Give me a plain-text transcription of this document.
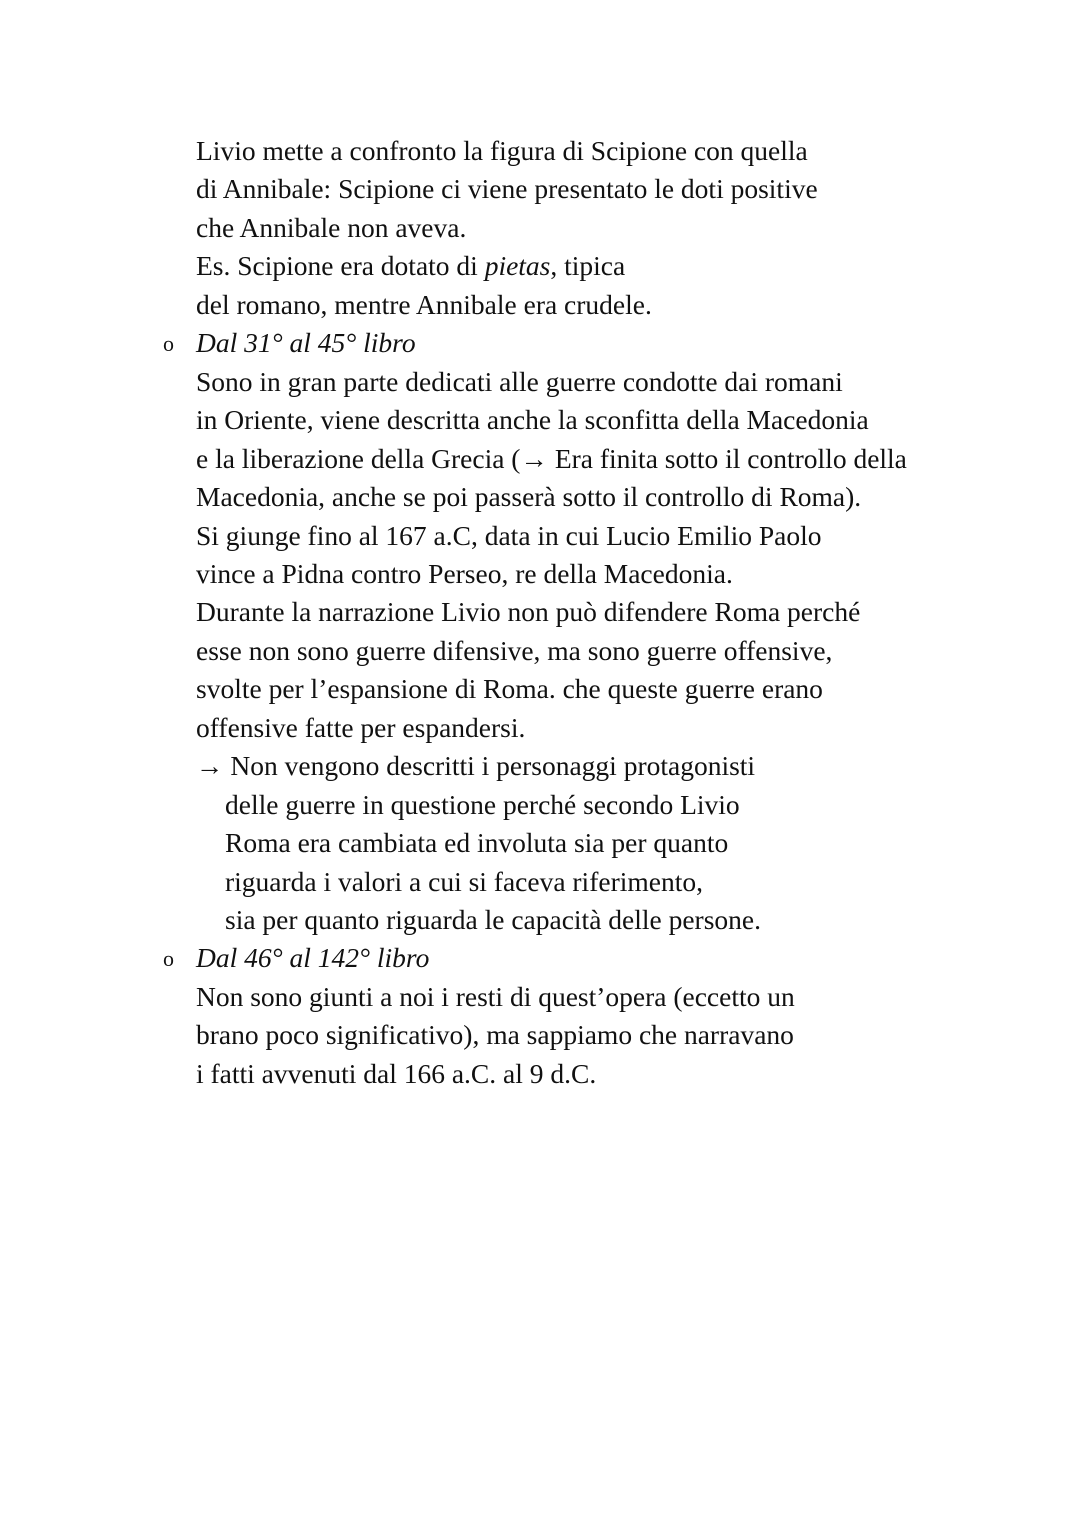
Livio mette a confronto la figura di Scipione con quella
di Annibale: Scipione ci viene presentato le doti positive
che Annibale non aveva.
Es. Scipione era dotato di pietas, tipica
del romano, mentre Annibale era crudele.
o Dal 31° al 45° libro
Sono in gran parte dedicati alle guerre condotte dai romani
in Oriente, viene descritta anche la sconfitta della Macedonia
e la liberazione della Grecia (→ Era finita sotto il controllo della
Macedonia, anche se poi passerà sotto il controllo di Roma).
Si giunge fino al 167 a.C, data in cui Lucio Emilio Paolo
vince a Pidna contro Perseo, re della Macedonia.
Durante la narrazione Livio non può difendere Roma perché
esse non sono guerre difensive, ma sono guerre offensive,
svolte per l’espansione di Roma. che queste guerre erano
offensive fatte per espandersi.
→ Non vengono descritti i personaggi protagonisti
delle guerre in questione perché secondo Livio
Roma era cambiata ed involuta sia per quanto
riguarda i valori a cui si faceva riferimento,
sia per quanto riguarda le capacità delle persone.
o Dal 46° al 142° libro
Non sono giunti a noi i resti di quest’opera (eccetto un
brano poco significativo), ma sappiamo che narravano
i fatti avvenuti dal 166 a.C. al 9 d.C.
